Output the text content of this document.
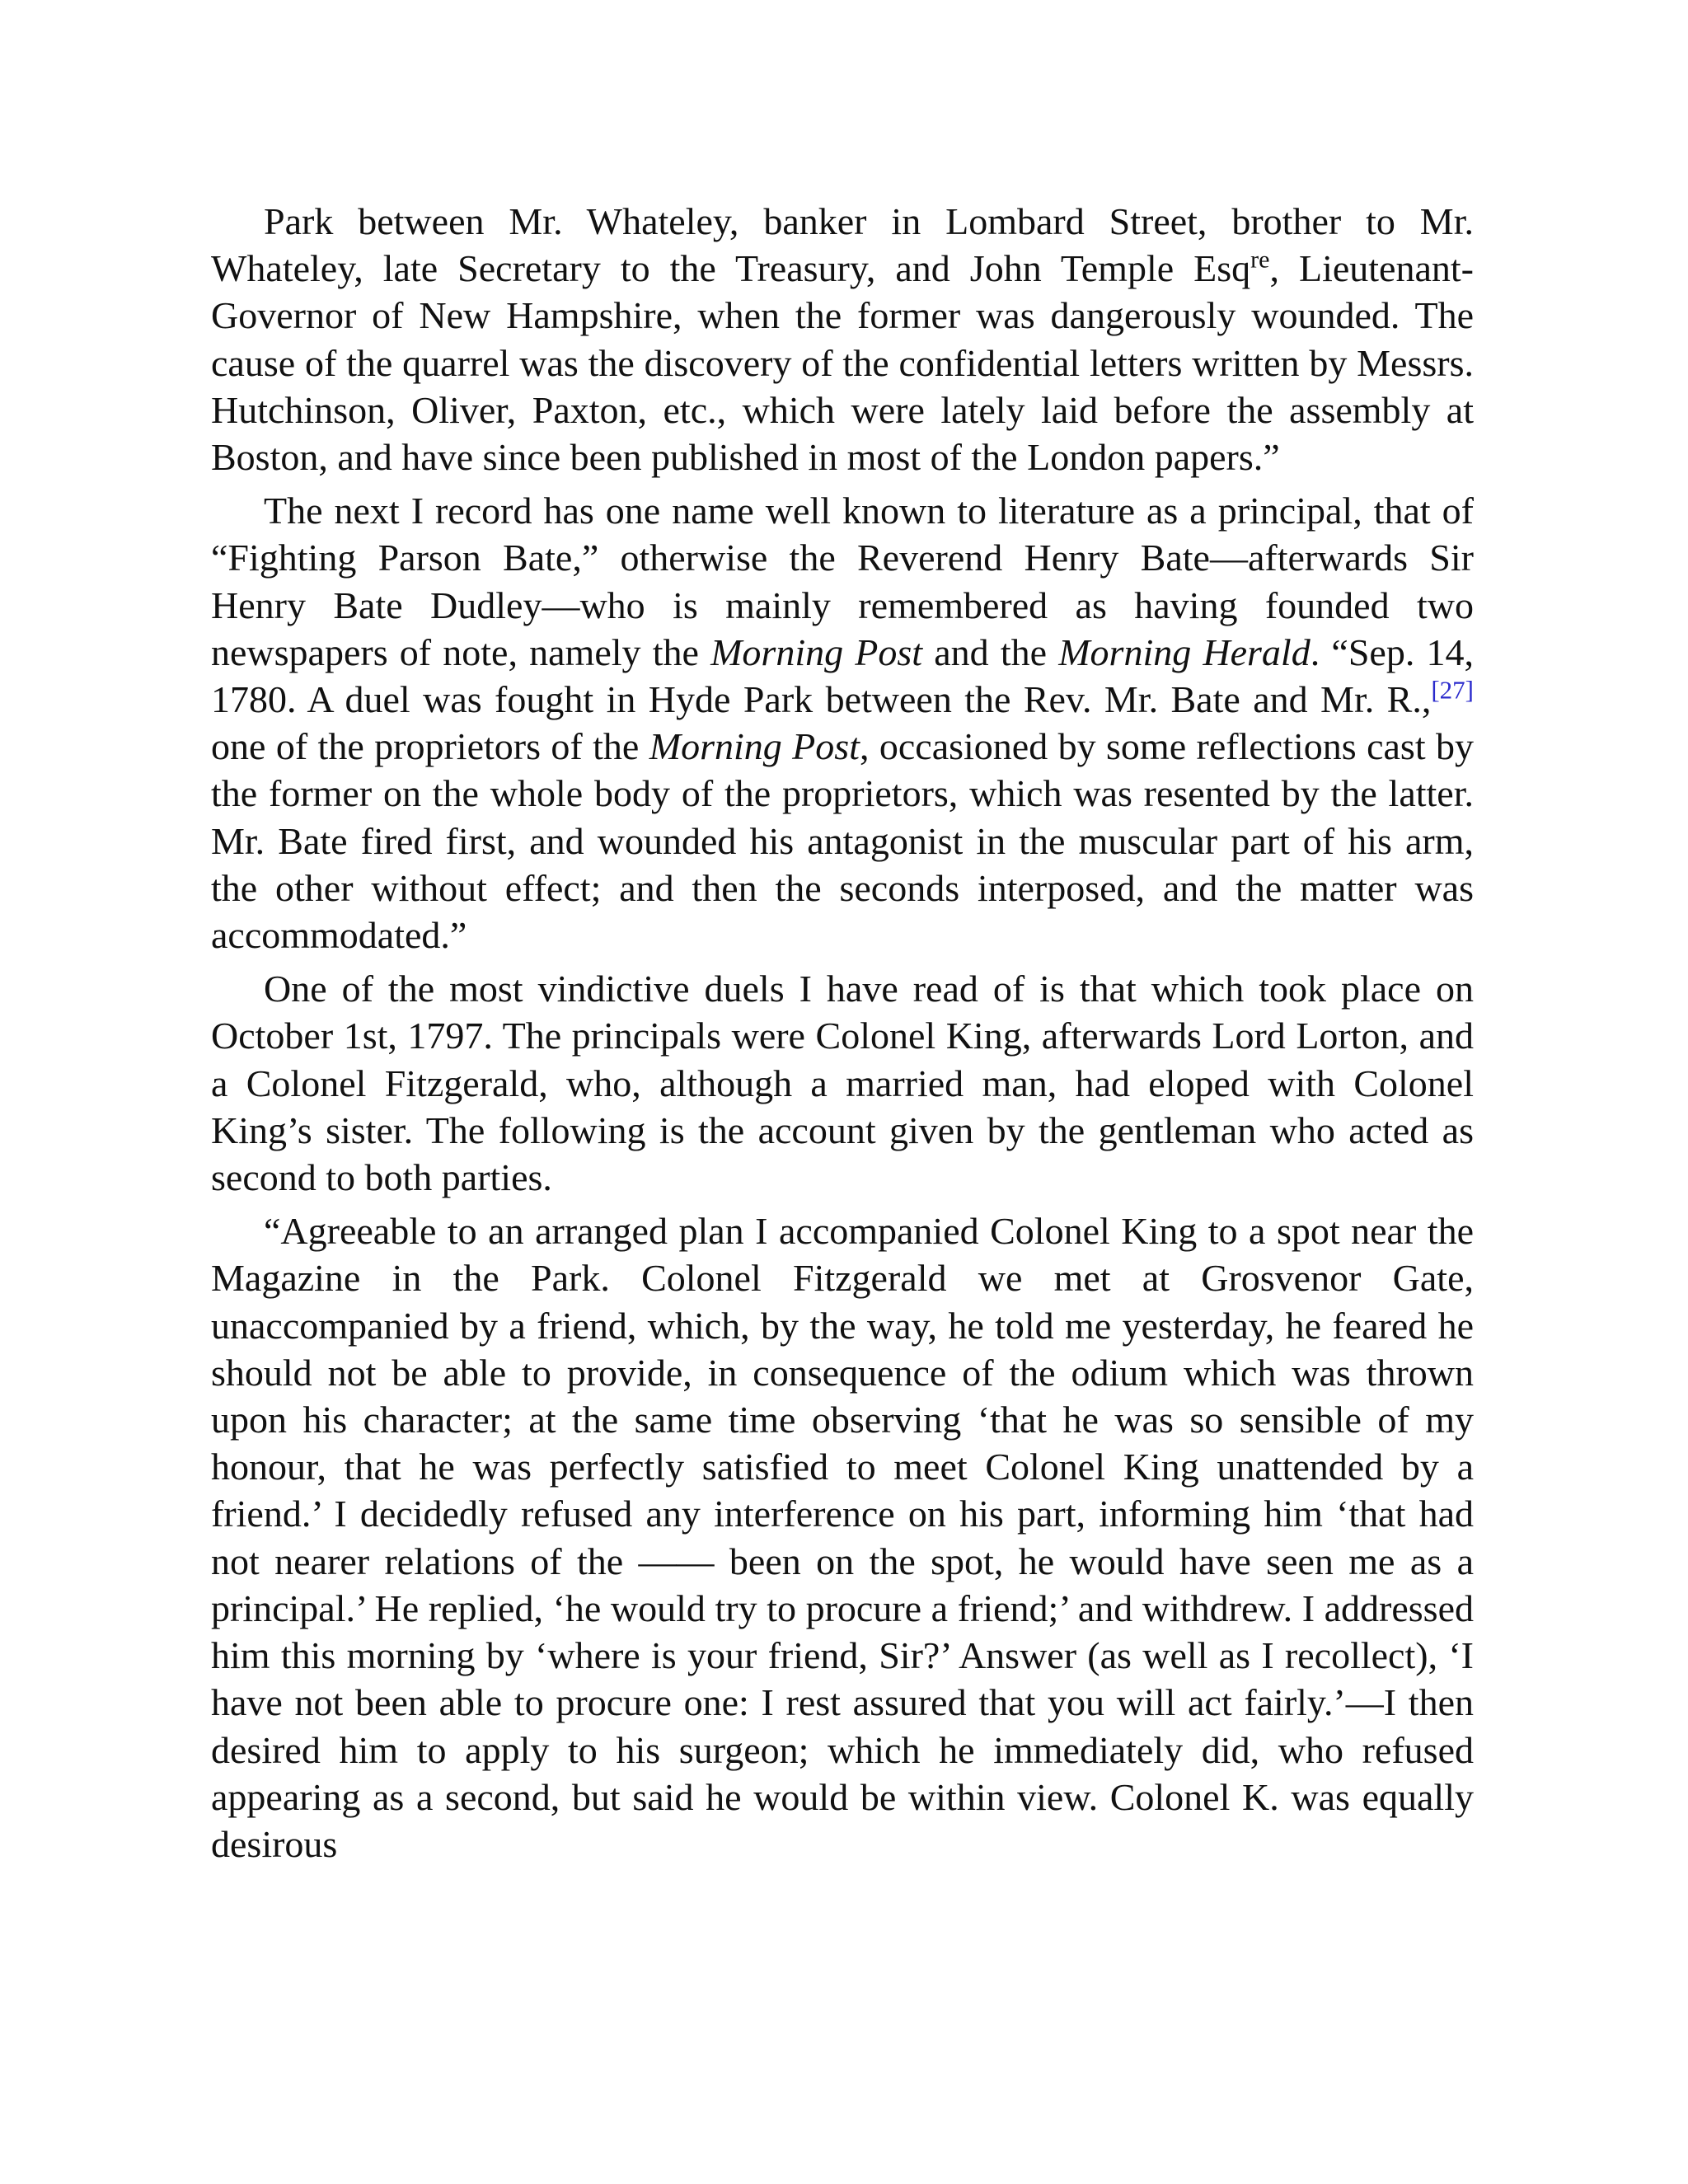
Park between Mr. Whateley, banker in Lombard Street, brother to Mr. Whateley, late Secretary to the Treasury, and John Temple Esq$^{re}$, Lieutenant-Governor of New Hampshire, when the former was dangerously wounded. The cause of the quarrel was the discovery of the confidential letters written by Messrs. Hutchinson, Oliver, Paxton, etc., which were lately laid before the assembly at Boston, and have since been published in most of the London papers.”

The next I record has one name well known to literature as a principal, that of “Fighting Parson Bate,” otherwise the Reverend Henry Bate—afterwards Sir Henry Bate Dudley—who is mainly remembered as having founded two newspapers of note, namely the Morning Post and the Morning Herald. “Sep. 14, 1780. A duel was fought in Hyde Park between the Rev. Mr. Bate and Mr. R.,[27] one of the proprietors of the Morning Post, occasioned by some reflections cast by the former on the whole body of the proprietors, which was resented by the latter. Mr. Bate fired first, and wounded his antagonist in the muscular part of his arm, the other without effect; and then the seconds interposed, and the matter was accommodated.”

One of the most vindictive duels I have read of is that which took place on October 1st, 1797. The principals were Colonel King, afterwards Lord Lorton, and a Colonel Fitzgerald, who, although a married man, had eloped with Colonel King’s sister. The following is the account given by the gentleman who acted as second to both parties.

“Agreeable to an arranged plan I accompanied Colonel King to a spot near the Magazine in the Park. Colonel Fitzgerald we met at Grosvenor Gate, unaccompanied by a friend, which, by the way, he told me yesterday, he feared he should not be able to provide, in consequence of the odium which was thrown upon his character; at the same time observing ‘that he was so sensible of my honour, that he was perfectly satisfied to meet Colonel King unattended by a friend.’ I decidedly refused any interference on his part, informing him ‘that had not nearer relations of the —— been on the spot, he would have seen me as a principal.’ He replied, ‘he would try to procure a friend;’ and withdrew. I addressed him this morning by ‘where is your friend, Sir?’ Answer (as well as I recollect), ‘I have not been able to procure one: I rest assured that you will act fairly.’—I then desired him to apply to his surgeon; which he immediately did, who refused appearing as a second, but said he would be within view. Colonel K. was equally desirous
